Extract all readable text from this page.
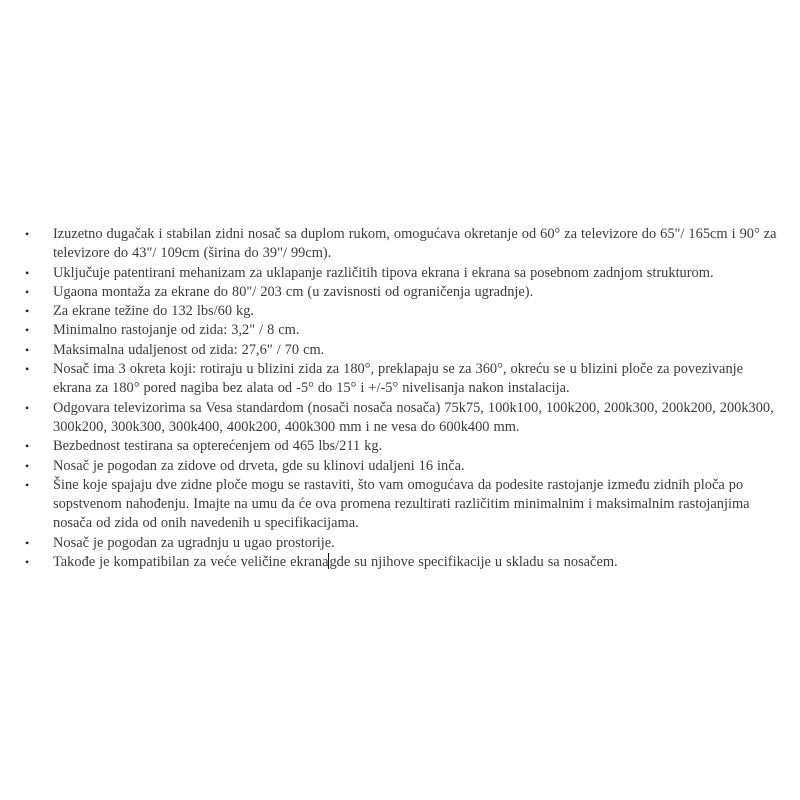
• Izuzetno dugačak i stabilan zidni nosač sa duplom rukom, omogućava okretanje od 60° za televizore do 65"/ 165cm i 90° za televizore do 43"/ 109cm (širina do 39"/ 99cm).
• Uključuje patentirani mehanizam za uklapanje različitih tipova ekrana i ekrana sa posebnom zadnjom strukturom.
• Ugaona montaža za ekrane do 80"/ 203 cm (u zavisnosti od ograničenja ugradnje).
• Za ekrane težine do 132 lbs/60 kg.
• Minimalno rastojanje od zida: 3,2" / 8 cm.
• Maksimalna udaljenost od zida: 27,6" / 70 cm.
• Nosač ima 3 okreta koji: rotiraju u blizini zida za 180°, preklapaju se za 360°, okreću se u blizini ploče za povezivanje ekrana za 180° pored nagiba bez alata od -5° do 15° i +/-5° nivelisanja nakon instalacija.
• Odgovara televizorima sa Vesa standardom (nosači nosača nosača) 75k75, 100k100, 100k200, 200k300, 200k200, 200k300, 300k200, 300k300, 300k400, 400k200, 400k300 mm i ne vesa do 600k400 mm.
• Bezbednost testirana sa opterećenjem od 465 lbs/211 kg.
• Nosač je pogodan za zidove od drveta, gde su klinovi udaljeni 16 inča.
• Šine koje spajaju dve zidne ploče mogu se rastaviti, što vam omogućava da podesite rastojanje između zidnih ploča po sopstvenom nahođenju. Imajte na umu da će ova promena rezultirati različitim minimalnim i maksimalnim rastojanjima nosača od zida od onih navedenih u specifikacijama.
• Nosač je pogodan za ugradnju u ugao prostorije.
• Takođe je kompatibilan za veće veličine ekranagde su njihove specifikacije u skladu sa nosačem.
